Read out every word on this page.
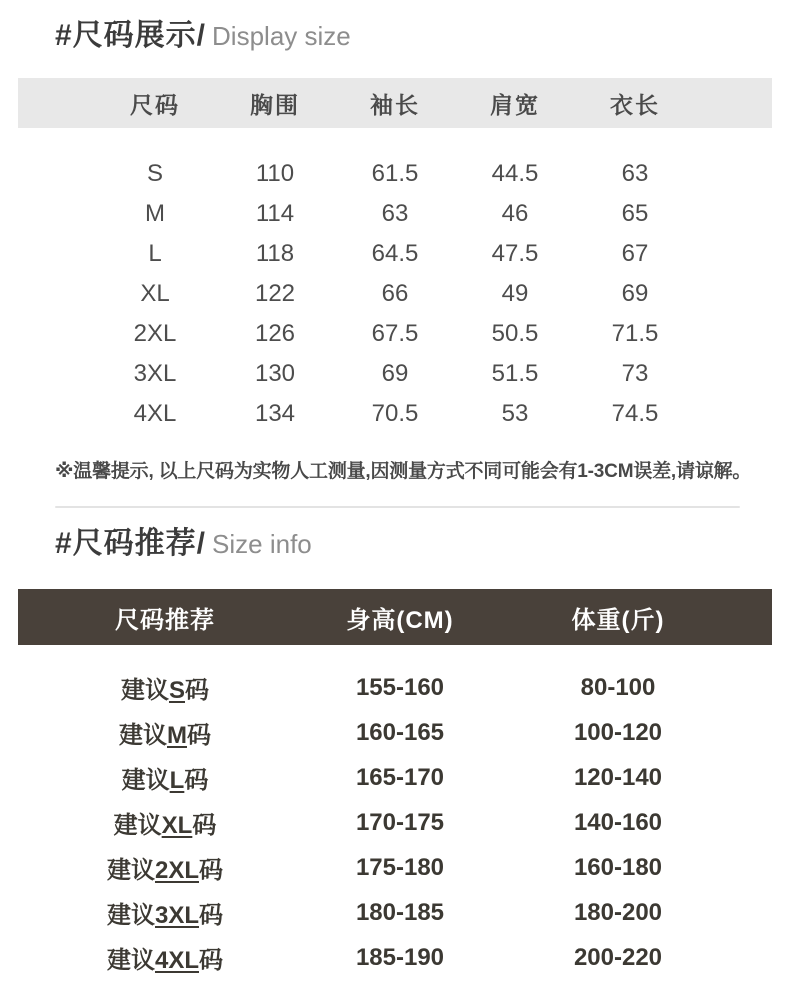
#尺码展示/ Display size
尺码	胸围	袖长	肩宽	衣长
S	110	61.5	44.5	63
M	114	63	46	65
L	118	64.5	47.5	67
XL	122	66	49	69
2XL	126	67.5	50.5	71.5
3XL	130	69	51.5	73
4XL	134	70.5	53	74.5
※温馨提示, 以上尺码为实物人工测量,因测量方式不同可能会有1-3CM误差,请谅解。
#尺码推荐/ Size info
尺码推荐	身高(CM)	体重(斤)
建议S码	155-160	80-100
建议M码	160-165	100-120
建议L码	165-170	120-140
建议XL码	170-175	140-160
建议2XL码	175-180	160-180
建议3XL码	180-185	180-200
建议4XL码	185-190	200-220
